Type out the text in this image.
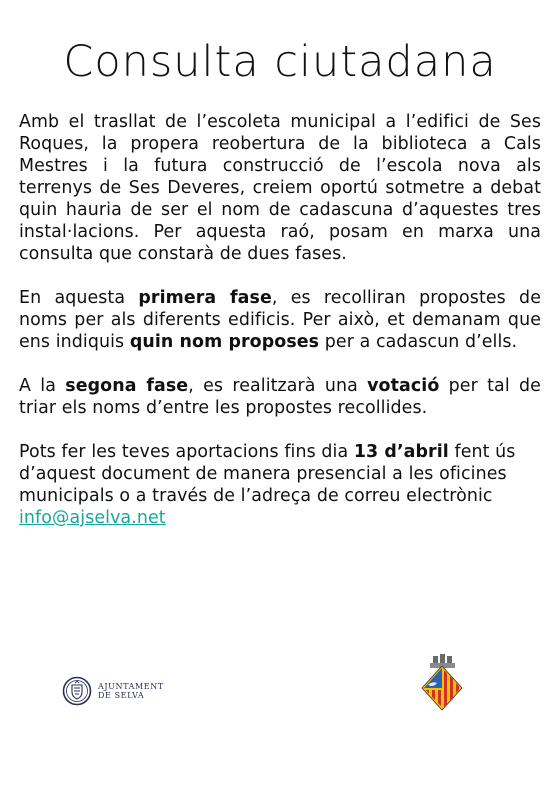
Consulta ciutadana

Amb el trasllat de l’escoleta municipal a l’edifici de Ses Roques, la propera reobertura de la biblioteca a Cals Mestres i la futura construcció de l’escola nova als terrenys de Ses Deveres, creiem oportú sotmetre a debat quin hauria de ser el nom de cadascuna d’aquestes tres instal·lacions. Per aquesta raó, posam en marxa una consulta que constarà de dues fases.

En aquesta primera fase, es recolliran propostes de noms per als diferents edificis. Per això, et demanam que ens indiquis quin nom proposes per a cadascun d’ells.

A la segona fase, es realitzarà una votació per tal de triar els noms d’entre les propostes recollides.

Pots fer les teves aportacions fins dia 13 d’abril fent ús d’aquest document de manera presencial a les oficines municipals o a través de l’adreça de correu electrònic info@ajselva.net

AJUNTAMENT
DE SELVA
